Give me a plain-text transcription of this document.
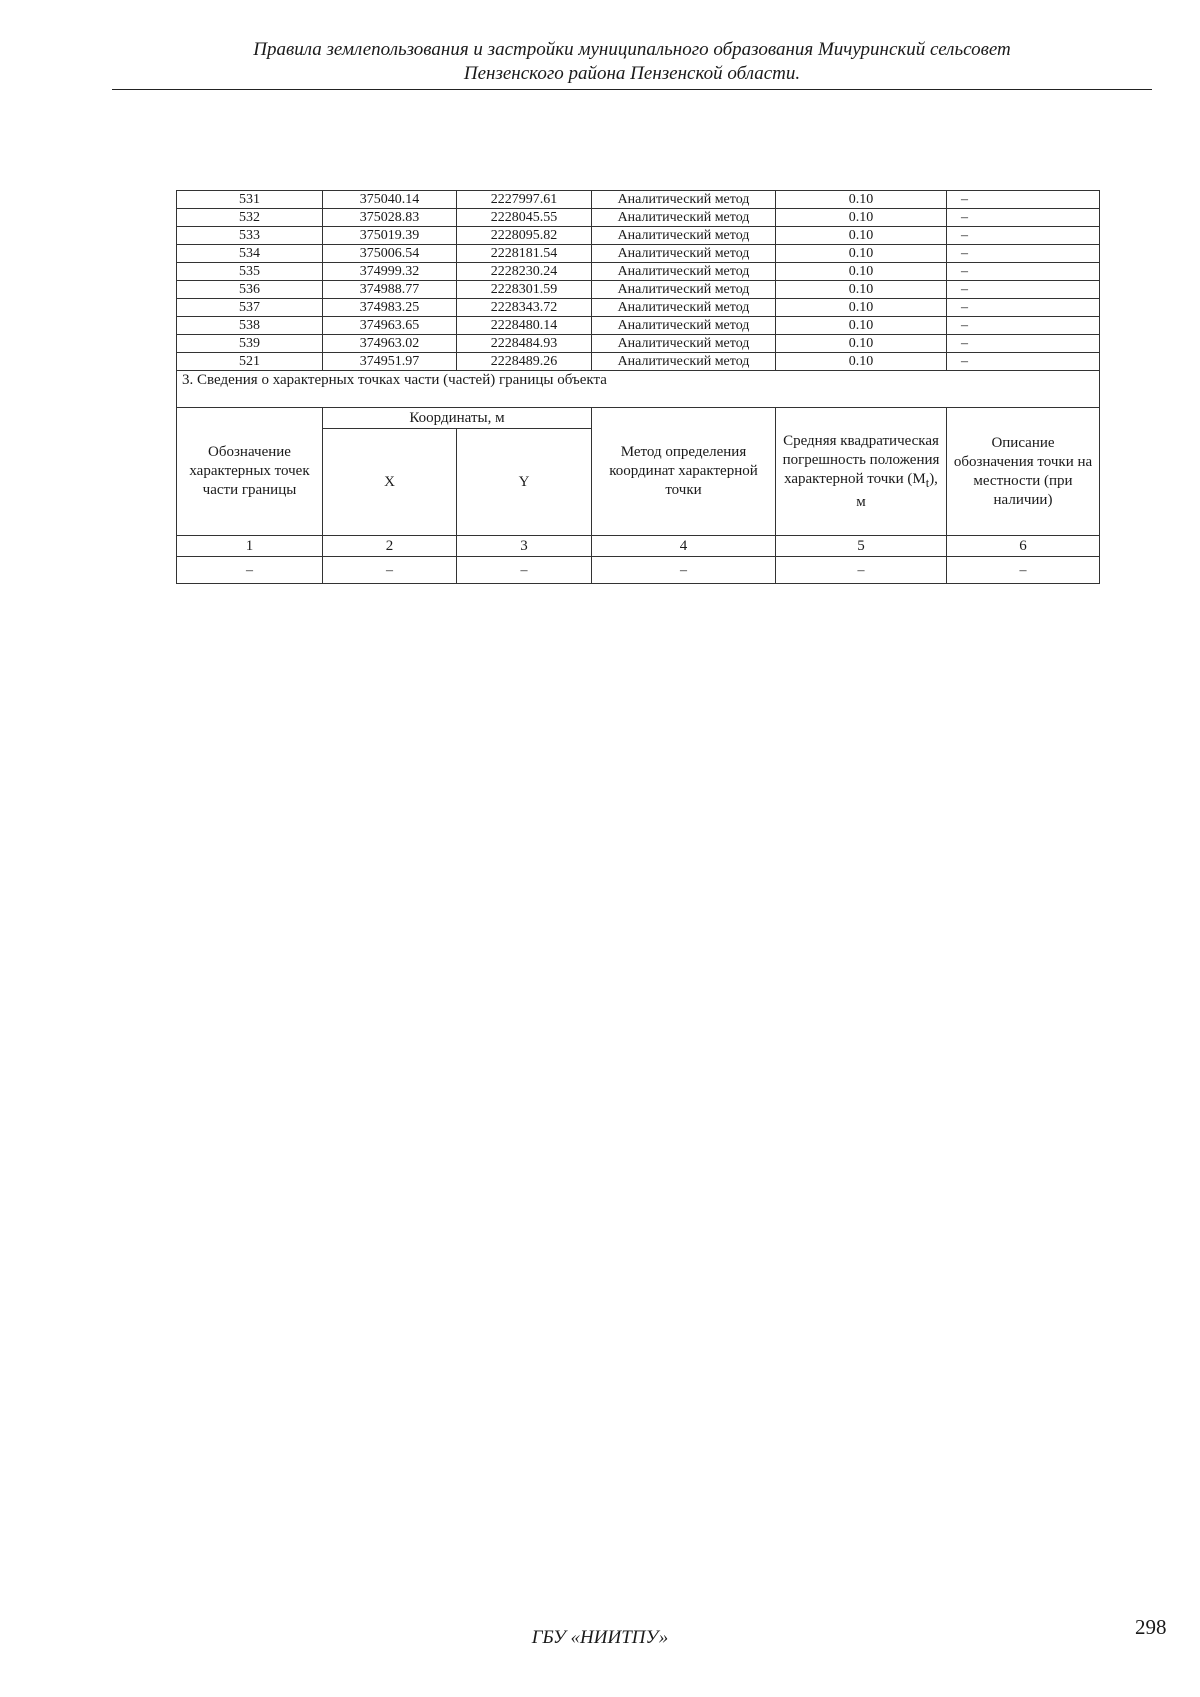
Правила землепользования и застройки муниципального образования Мичуринский сельсовет
Пензенского района Пензенской области.
531	375040.14	2227997.61	Аналитический метод	0.10	–
532	375028.83	2228045.55	Аналитический метод	0.10	–
533	375019.39	2228095.82	Аналитический метод	0.10	–
534	375006.54	2228181.54	Аналитический метод	0.10	–
535	374999.32	2228230.24	Аналитический метод	0.10	–
536	374988.77	2228301.59	Аналитический метод	0.10	–
537	374983.25	2228343.72	Аналитический метод	0.10	–
538	374963.65	2228480.14	Аналитический метод	0.10	–
539	374963.02	2228484.93	Аналитический метод	0.10	–
521	374951.97	2228489.26	Аналитический метод	0.10	–
3. Сведения о характерных точках части (частей) границы объекта					
Обозначение характерных точек части границы	Координаты, м		Метод определения координат характерной точки	Средняя квадратическая погрешность положения характерной точки $(M_t)$, м	Описание обозначения точки на местности (при наличии)
	X	Y			
1	2	3	4	5	6
–	–	–	–	–	–
ГБУ «НИИТПУ»	298
